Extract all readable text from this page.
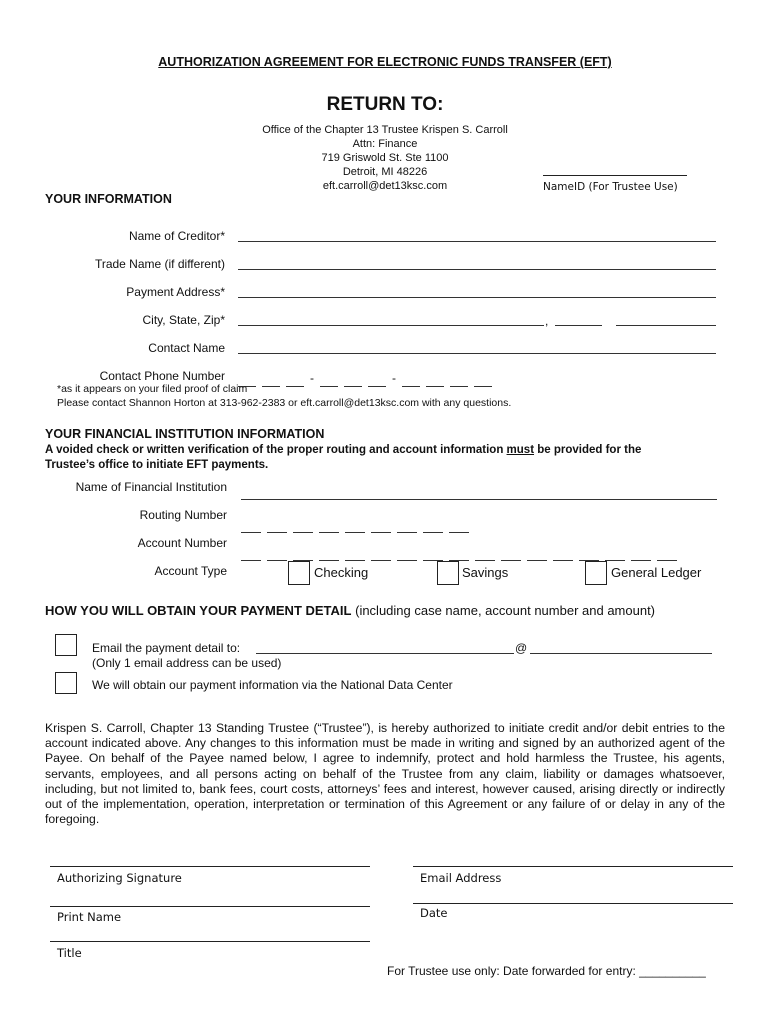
AUTHORIZATION AGREEMENT FOR ELECTRONIC FUNDS TRANSFER (EFT)
RETURN TO:
Office of the Chapter 13 Trustee Krispen S. Carroll
Attn: Finance
719 Griswold St. Ste 1100
Detroit, MI 48226
eft.carroll@det13ksc.com	NameID (For Trustee Use)
YOUR INFORMATION
Name of Creditor*
Trade Name (if different)
Payment Address*
City, State, Zip*	,
Contact Name
Contact Phone Number	-	-
*as it appears on your filed proof of claim
Please contact Shannon Horton at 313-962-2383 or eft.carroll@det13ksc.com with any questions.
YOUR FINANCIAL INSTITUTION INFORMATION
A voided check or written verification of the proper routing and account information must be provided for the
Trustee’s office to initiate EFT payments.
Name of Financial Institution
Routing Number
Account Number
Account Type	Checking	Savings	General Ledger
HOW YOU WILL OBTAIN YOUR PAYMENT DETAIL (including case name, account number and amount)
Email the payment detail to:	@
(Only 1 email address can be used)
We will obtain our payment information via the National Data Center
Krispen S. Carroll, Chapter 13 Standing Trustee (“Trustee”), is hereby authorized to initiate credit and/or debit entries to the account indicated above. Any changes to this information must be made in writing and signed by an authorized agent of the Payee. On behalf of the Payee named below, I agree to indemnify, protect and hold harmless the Trustee, his agents, servants, employees, and all persons acting on behalf of the Trustee from any claim, liability or damages whatsoever, including, but not limited to, bank fees, court costs, attorneys’ fees and interest, however caused, arising directly or indirectly out of the implementation, operation, interpretation or termination of this Agreement or any failure of or delay in any of the foregoing.
Authorizing Signature	Email Address
Date
Print Name
Title
For Trustee use only: Date forwarded for entry: __________
